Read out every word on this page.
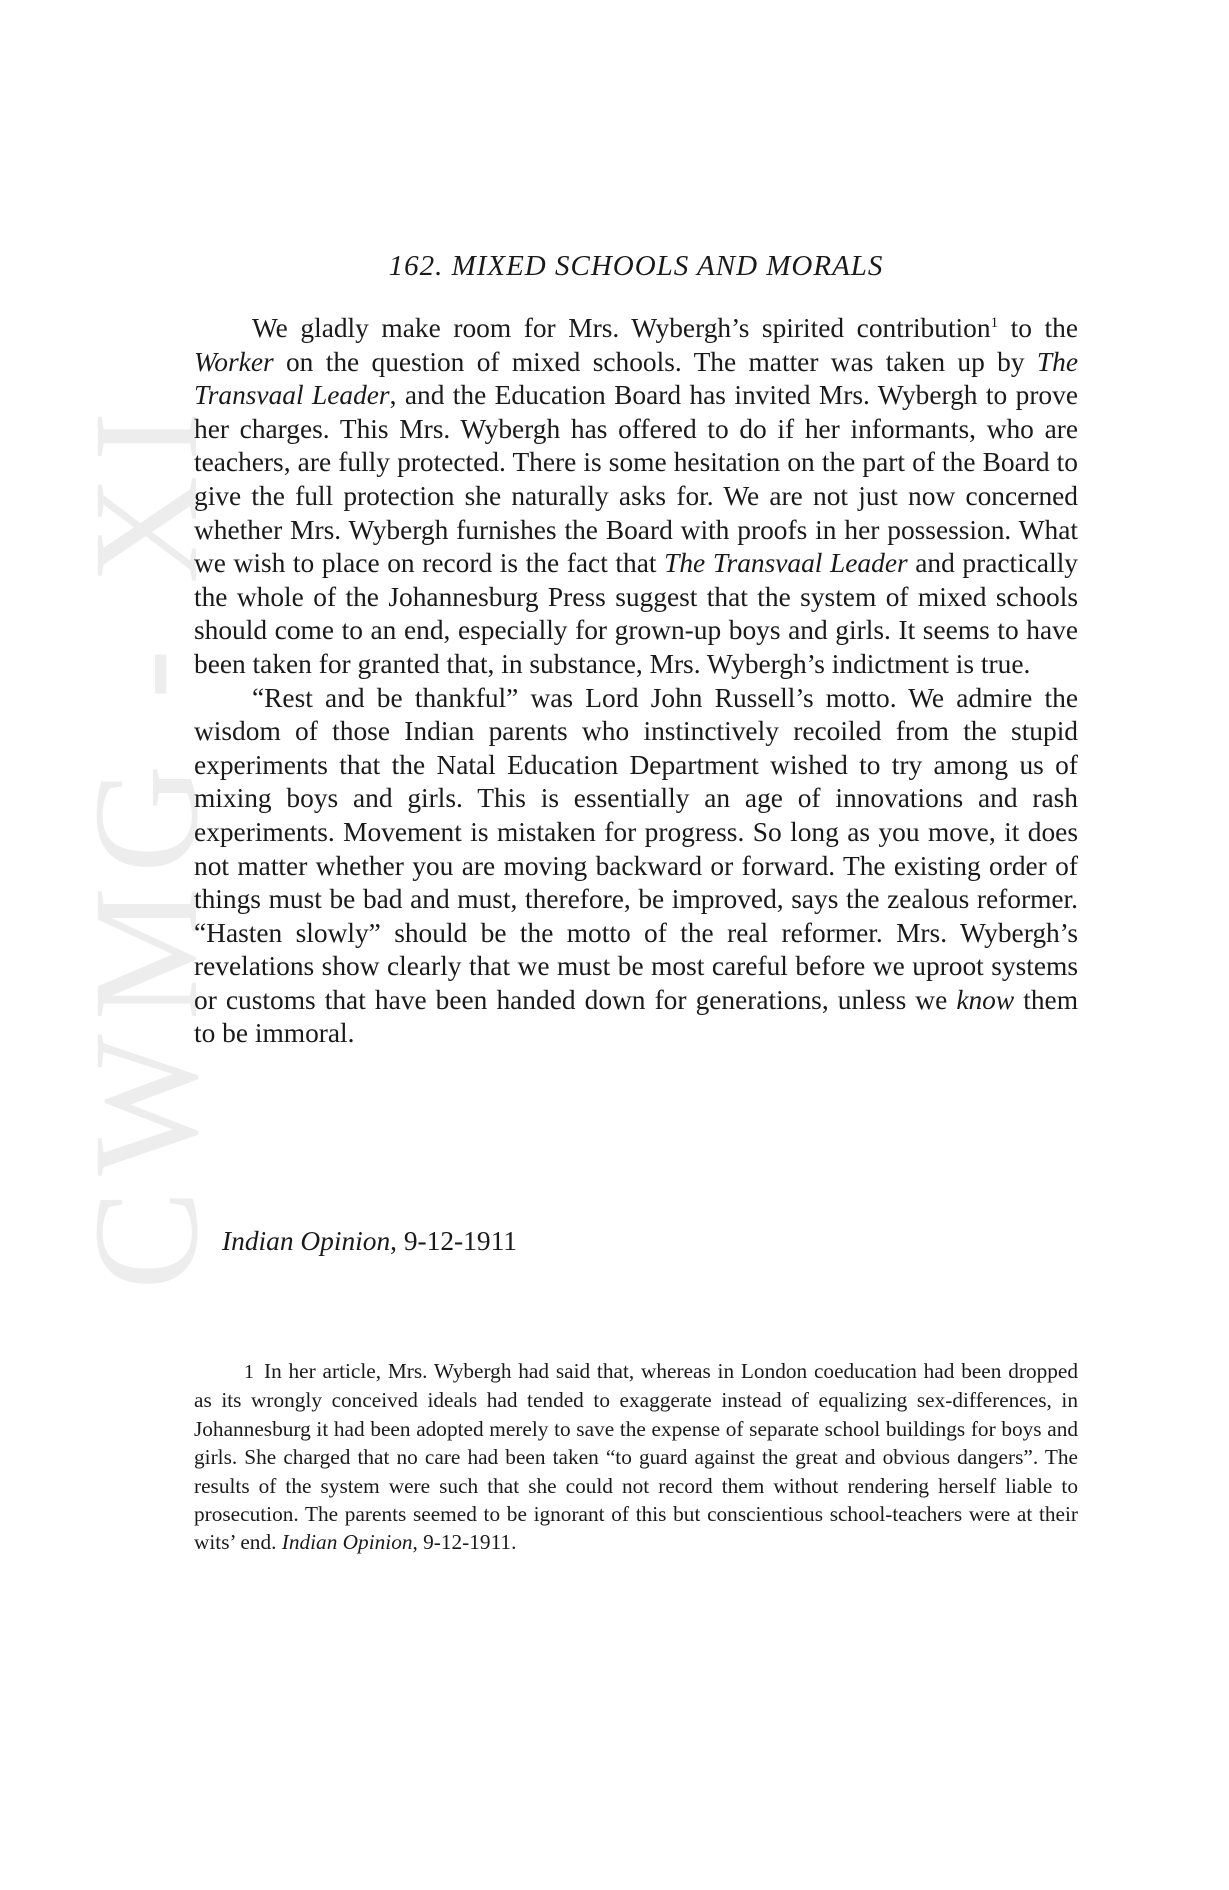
CWMG - XI
162. MIXED SCHOOLS AND MORALS

We gladly make room for Mrs. Wybergh’s spirited contribution$^1$ to the Worker on the question of mixed schools. The matter was taken up by The Transvaal Leader, and the Education Board has invited Mrs. Wybergh to prove her charges. This Mrs. Wybergh has offered to do if her informants, who are teachers, are fully protected. There is some hesitation on the part of the Board to give the full protection she naturally asks for. We are not just now concerned whether Mrs. Wybergh furnishes the Board with proofs in her possession. What we wish to place on record is the fact that The Transvaal Leader and practically the whole of the Johannesburg Press suggest that the system of mixed schools should come to an end, especially for grown-up boys and girls. It seems to have been taken for granted that, in substance, Mrs. Wybergh’s indictment is true.

“Rest and be thankful” was Lord John Russell’s motto. We admire the wisdom of those Indian parents who instinctively recoiled from the stupid experiments that the Natal Education Department wished to try among us of mixing boys and girls. This is essentially an age of innovations and rash experiments. Movement is mistaken for progress. So long as you move, it does not matter whether you are moving backward or forward. The existing order of things must be bad and must, therefore, be improved, says the zealous reformer. “Hasten slowly” should be the motto of the real reformer. Mrs. Wybergh’s revelations show clearly that we must be most careful before we uproot systems or customs that have been handed down for generations, unless we know them to be immoral.

Indian Opinion, 9-12-1911

1 In her article, Mrs. Wybergh had said that, whereas in London coeducation had been dropped as its wrongly conceived ideals had tended to exaggerate instead of equalizing sex-differences, in Johannesburg it had been adopted merely to save the expense of separate school buildings for boys and girls. She charged that no care had been taken “to guard against the great and obvious dangers”. The results of the system were such that she could not record them without rendering herself liable to prosecution. The parents seemed to be ignorant of this but conscientious school-teachers were at their wits’ end. Indian Opinion, 9-12-1911.
